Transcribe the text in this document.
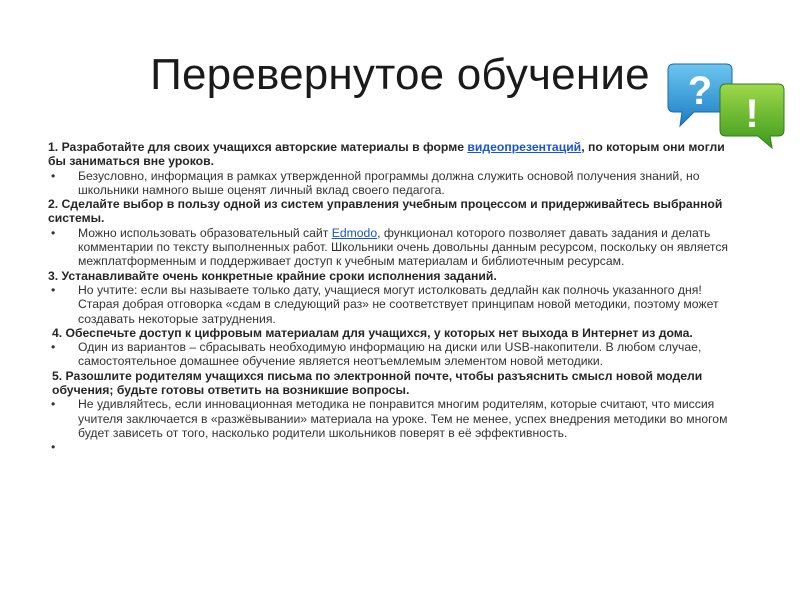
Перевернутое обучение ?
!

1. Разработайте для своих учащихся авторские материалы в форме видеопрезентаций, по которым они могли бы заниматься вне уроков.

• Безусловно, информация в рамках утвержденной программы должна служить основой получения знаний, но школьники намного выше оценят личный вклад своего педагога.

2. Сделайте выбор в пользу одной из систем управления учебным процессом и придерживайтесь выбранной системы.

• Можно использовать образовательный сайт Edmodo, функционал которого позволяет давать задания и делать комментарии по тексту выполненных работ. Школьники очень довольны данным ресурсом, поскольку он является межплатформенным и поддерживает доступ к учебным материалам и библиотечным ресурсам.

3. Устанавливайте очень конкретные крайние сроки исполнения заданий.

• Но учтите: если вы называете только дату, учащиеся могут истолковать дедлайн как полночь указанного дня! Старая добрая отговорка «сдам в следующий раз» не соответствует принципам новой методики, поэтому может создавать некоторые затруднения.

4. Обеспечьте доступ к цифровым материалам для учащихся, у которых нет выхода в Интернет из дома.

• Один из вариантов – сбрасывать необходимую информацию на диски или USB-накопители. В любом случае, самостоятельное домашнее обучение является неотъемлемым элементом новой методики.

5. Разошлите родителям учащихся письма по электронной почте, чтобы разъяснить смысл новой модели обучения; будьте готовы ответить на возникшие вопросы.

• Не удивляйтесь, если инновационная методика не понравится многим родителям, которые считают, что миссия учителя заключается в «разжёвывании» материала на уроке. Тем не менее, успех внедрения методики во многом будет зависеть от того, насколько родители школьников поверят в её эффективность.

•
